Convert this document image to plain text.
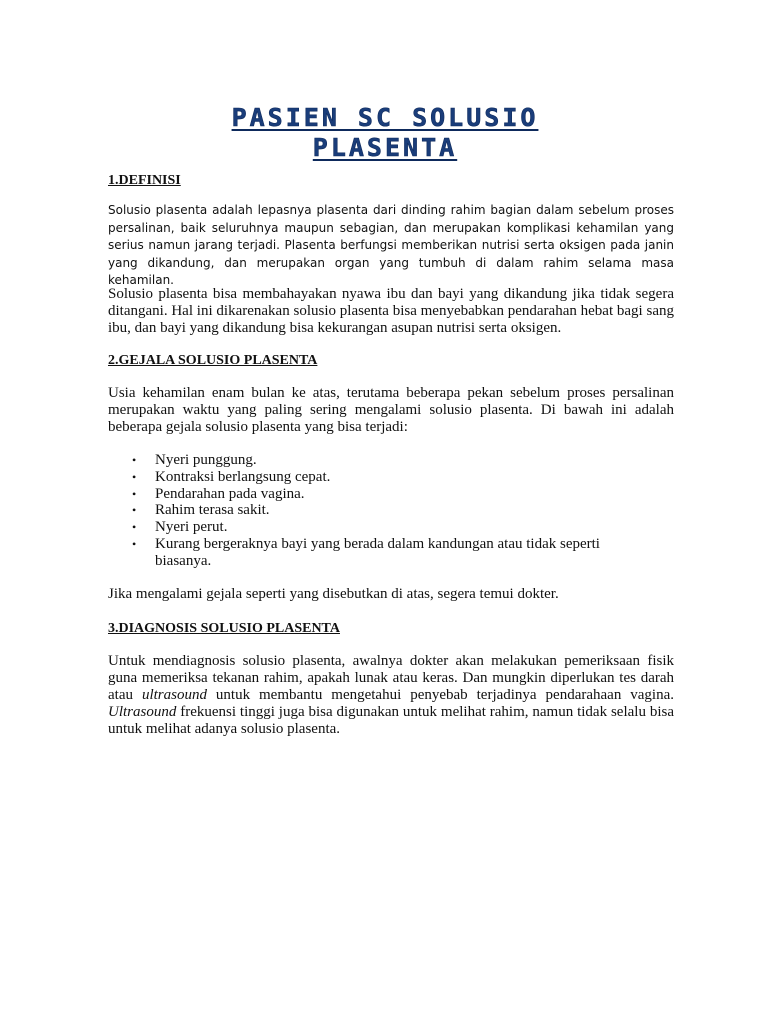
PASIEN SC SOLUSIO
PLASENTA
1.DEFINISI

Solusio plasenta adalah lepasnya plasenta dari dinding rahim bagian dalam sebelum proses persalinan, baik seluruhnya maupun sebagian, dan merupakan komplikasi kehamilan yang serius namun jarang terjadi. Plasenta berfungsi memberikan nutrisi serta oksigen pada janin yang dikandung, dan merupakan organ yang tumbuh di dalam rahim selama masa kehamilan.

Solusio plasenta bisa membahayakan nyawa ibu dan bayi yang dikandung jika tidak segera ditangani. Hal ini dikarenakan solusio plasenta bisa menyebabkan pendarahan hebat bagi sang ibu, dan bayi yang dikandung bisa kekurangan asupan nutrisi serta oksigen.

2.GEJALA SOLUSIO PLASENTA

Usia kehamilan enam bulan ke atas, terutama beberapa pekan sebelum proses persalinan merupakan waktu yang paling sering mengalami solusio plasenta. Di bawah ini adalah beberapa gejala solusio plasenta yang bisa terjadi:

• Nyeri punggung.
• Kontraksi berlangsung cepat.
• Pendarahan pada vagina.
• Rahim terasa sakit.
• Nyeri perut.
• Kurang bergeraknya bayi yang berada dalam kandungan atau tidak seperti biasanya.

Jika mengalami gejala seperti yang disebutkan di atas, segera temui dokter.

3.DIAGNOSIS SOLUSIO PLASENTA

Untuk mendiagnosis solusio plasenta, awalnya dokter akan melakukan pemeriksaan fisik guna memeriksa tekanan rahim, apakah lunak atau keras. Dan mungkin diperlukan tes darah atau ultrasound untuk membantu mengetahui penyebab terjadinya pendarahaan vagina. Ultrasound frekuensi tinggi juga bisa digunakan untuk melihat rahim, namun tidak selalu bisa untuk melihat adanya solusio plasenta.
